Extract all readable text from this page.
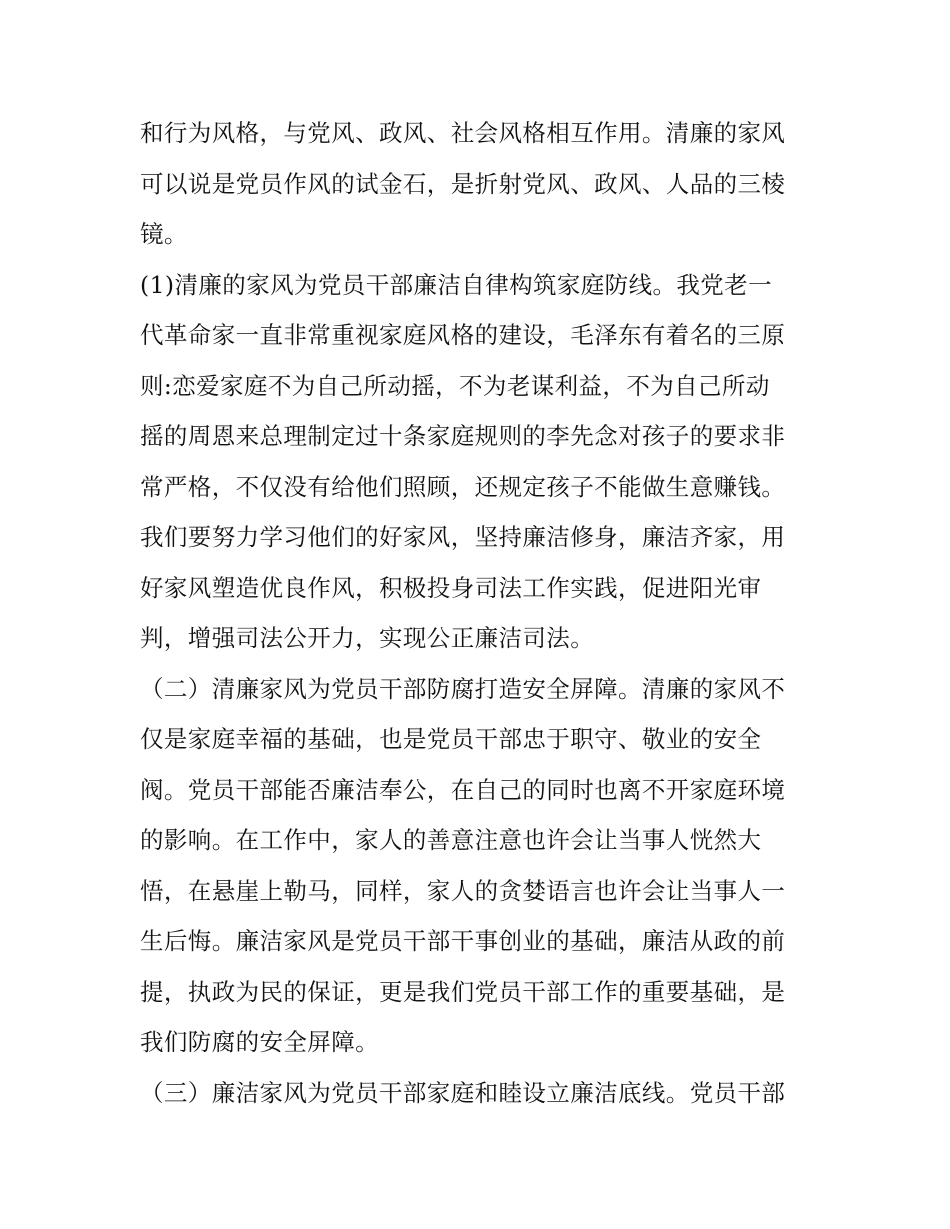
和行为风格，与党风、政风、社会风格相互作用。清廉的家风
可以说是党员作风的试金石，是折射党风、政风、人品的三棱
镜。
(1)清廉的家风为党员干部廉洁自律构筑家庭防线。我党老一
代革命家一直非常重视家庭风格的建设，毛泽东有着名的三原
则:恋爱家庭不为自己所动摇，不为老谋利益，不为自己所动
摇的周恩来总理制定过十条家庭规则的李先念对孩子的要求非
常严格，不仅没有给他们照顾，还规定孩子不能做生意赚钱。
我们要努力学习他们的好家风，坚持廉洁修身，廉洁齐家，用
好家风塑造优良作风，积极投身司法工作实践，促进阳光审
判，增强司法公开力，实现公正廉洁司法。
（二）清廉家风为党员干部防腐打造安全屏障。清廉的家风不
仅是家庭幸福的基础，也是党员干部忠于职守、敬业的安全
阀。党员干部能否廉洁奉公，在自己的同时也离不开家庭环境
的影响。在工作中，家人的善意注意也许会让当事人恍然大
悟，在悬崖上勒马，同样，家人的贪婪语言也许会让当事人一
生后悔。廉洁家风是党员干部干事创业的基础，廉洁从政的前
提，执政为民的保证，更是我们党员干部工作的重要基础，是
我们防腐的安全屏障。
（三）廉洁家风为党员干部家庭和睦设立廉洁底线。党员干部
